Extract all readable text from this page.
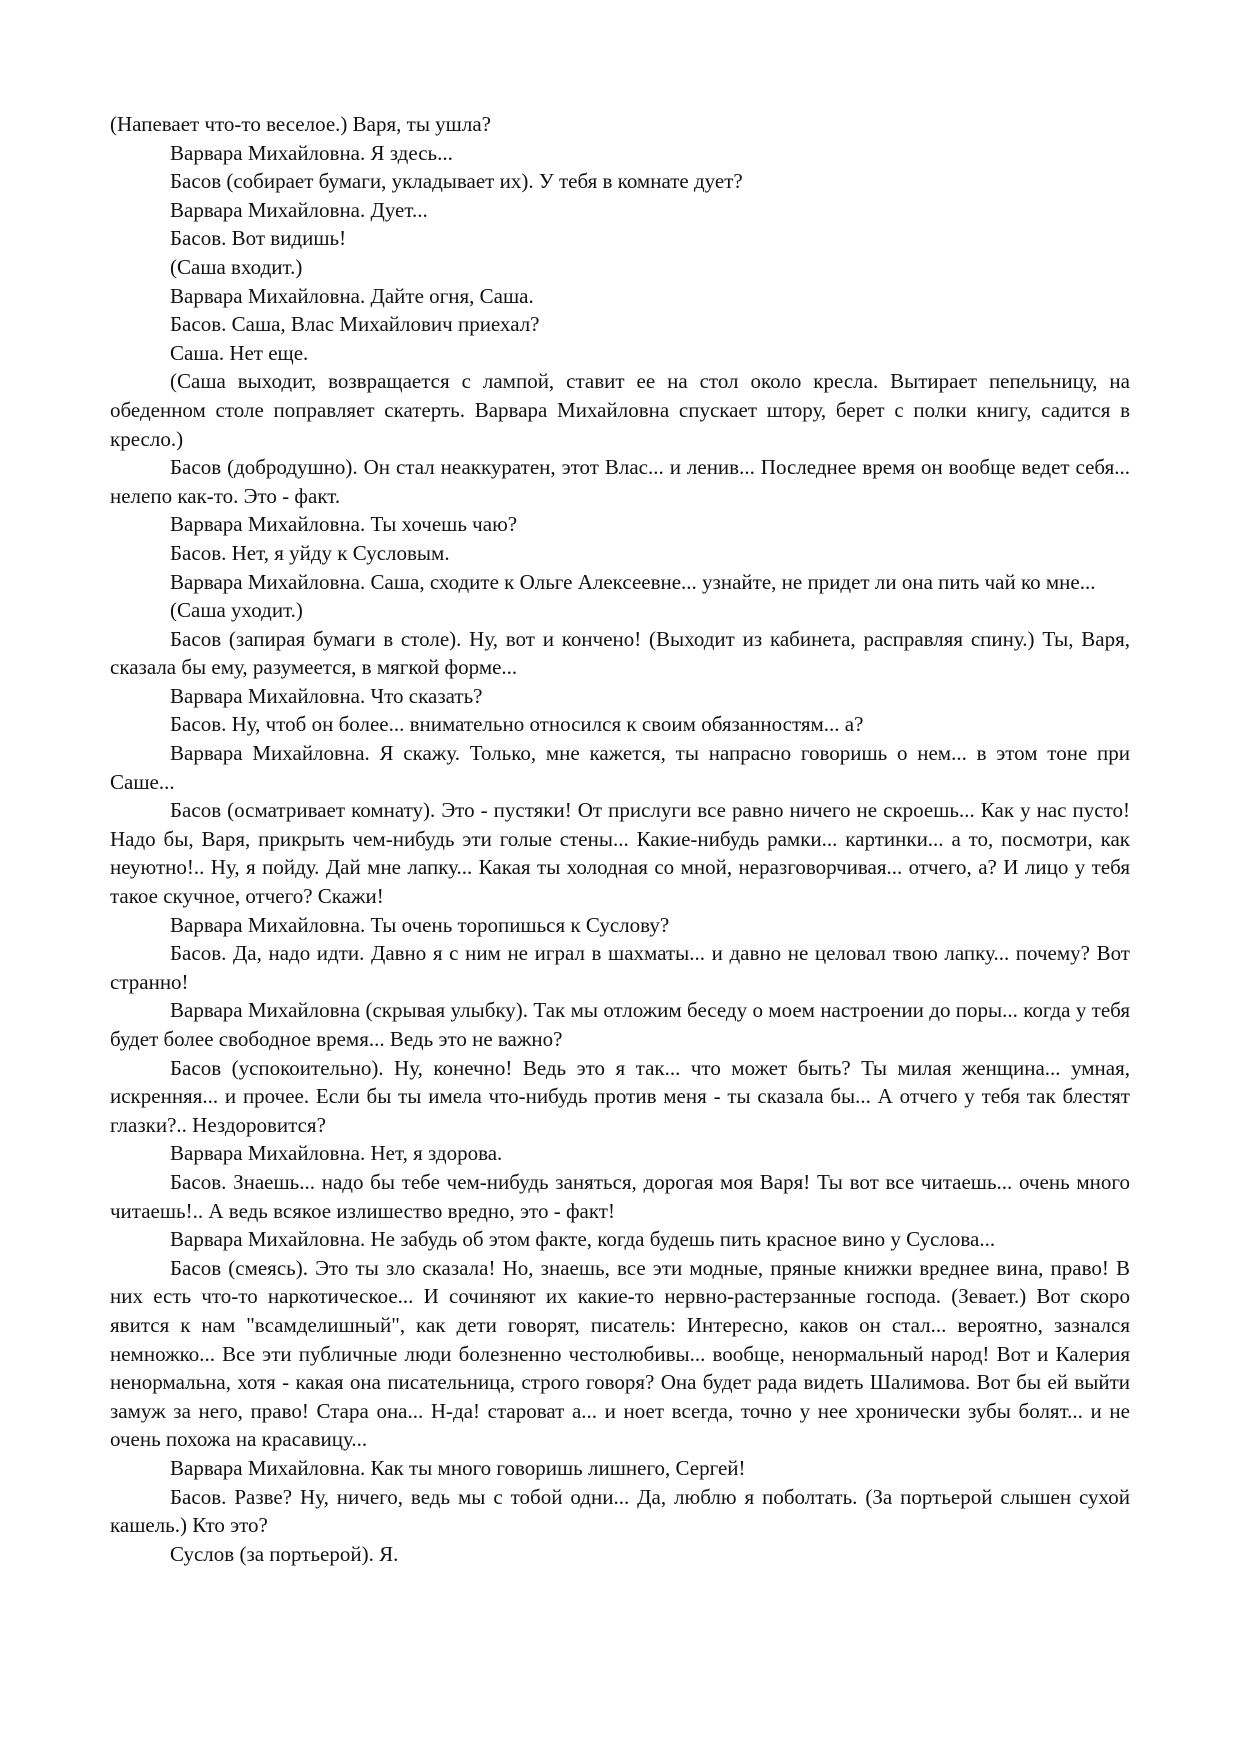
(Напевает что-то веселое.) Варя, ты ушла?

Варвара Михайловна. Я здесь...

Басов (собирает бумаги, укладывает их). У тебя в комнате дует?

Варвара Михайловна. Дует...

Басов. Вот видишь!

(Саша входит.)

Варвара Михайловна. Дайте огня, Саша.

Басов. Саша, Влас Михайлович приехал?

Саша. Нет еще.

(Саша выходит, возвращается с лампой, ставит ее на стол около кресла. Вытирает пепельницу, на обеденном столе поправляет скатерть. Варвара Михайловна спускает штору, берет с полки книгу, садится в кресло.)

Басов (добродушно). Он стал неаккуратен, этот Влас... и ленив... Последнее время он вообще ведет себя... нелепо как-то. Это - факт.

Варвара Михайловна. Ты хочешь чаю?

Басов. Нет, я уйду к Сусловым.

Варвара Михайловна. Саша, сходите к Ольге Алексеевне... узнайте, не придет ли она пить чай ко мне...

(Саша уходит.)

Басов (запирая бумаги в столе). Ну, вот и кончено! (Выходит из кабинета, расправляя спину.) Ты, Варя, сказала бы ему, разумеется, в мягкой форме...

Варвара Михайловна. Что сказать?

Басов. Ну, чтоб он более... внимательно относился к своим обязанностям... а?

Варвара Михайловна. Я скажу. Только, мне кажется, ты напрасно говоришь о нем... в этом тоне при Саше...

Басов (осматривает комнату). Это - пустяки! От прислуги все равно ничего не скроешь... Как у нас пусто! Надо бы, Варя, прикрыть чем-нибудь эти голые стены... Какие-нибудь рамки... картинки... а то, посмотри, как неуютно!.. Ну, я пойду. Дай мне лапку... Какая ты холодная со мной, неразговорчивая... отчего, а? И лицо у тебя такое скучное, отчего? Скажи!

Варвара Михайловна. Ты очень торопишься к Суслову?

Басов. Да, надо идти. Давно я с ним не играл в шахматы... и давно не целовал твою лапку... почему? Вот странно!

Варвара Михайловна (скрывая улыбку). Так мы отложим беседу о моем настроении до поры... когда у тебя будет более свободное время... Ведь это не важно?

Басов (успокоительно). Ну, конечно! Ведь это я так... что может быть? Ты милая женщина... умная, искренняя... и прочее. Если бы ты имела что-нибудь против меня - ты сказала бы... А отчего у тебя так блестят глазки?.. Нездоровится?

Варвара Михайловна. Нет, я здорова.

Басов. Знаешь... надо бы тебе чем-нибудь заняться, дорогая моя Варя! Ты вот все читаешь... очень много читаешь!.. А ведь всякое излишество вредно, это - факт!

Варвара Михайловна. Не забудь об этом факте, когда будешь пить красное вино у Суслова...

Басов (смеясь). Это ты зло сказала! Но, знаешь, все эти модные, пряные книжки вреднее вина, право! В них есть что-то наркотическое... И сочиняют их какие-то нервно-растерзанные господа. (Зевает.) Вот скоро явится к нам "всамделишный", как дети говорят, писатель: Интересно, каков он стал... вероятно, зазнался немножко... Все эти публичные люди болезненно честолюбивы... вообще, ненормальный народ! Вот и Калерия ненормальна, хотя - какая она писательница, строго говоря? Она будет рада видеть Шалимова. Вот бы ей выйти замуж за него, право! Стара она... Н-да! староват а... и ноет всегда, точно у нее хронически зубы болят... и не очень похожа на красавицу...

Варвара Михайловна. Как ты много говоришь лишнего, Сергей!

Басов. Разве? Ну, ничего, ведь мы с тобой одни... Да, люблю я поболтать. (За портьерой слышен сухой кашель.) Кто это?

Суслов (за портьерой). Я.
